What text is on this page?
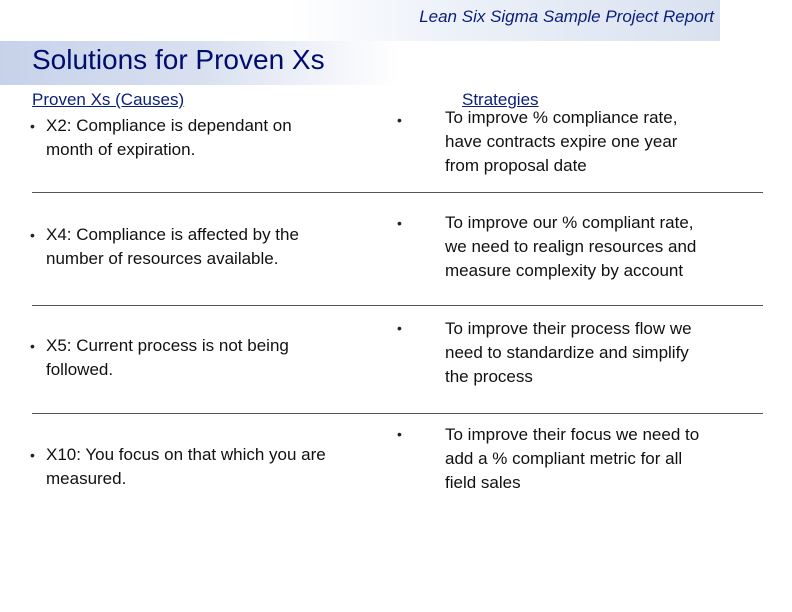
Lean Six Sigma Sample Project Report
Solutions for Proven Xs
Proven Xs (Causes)	Strategies
• X2: Compliance is dependant on
month of expiration.
•	To improve % compliance rate,
have contracts expire one year
from proposal date
• X4: Compliance is affected by the
number of resources available.
•	To improve our % compliant rate,
we need to realign resources and
measure complexity by account
• X5: Current process is not being
followed.
•	To improve their process flow we
need to standardize and simplify
the process
• X10: You focus on that which you are
measured.
•	To improve their focus we need to
add a % compliant metric for all
field sales
